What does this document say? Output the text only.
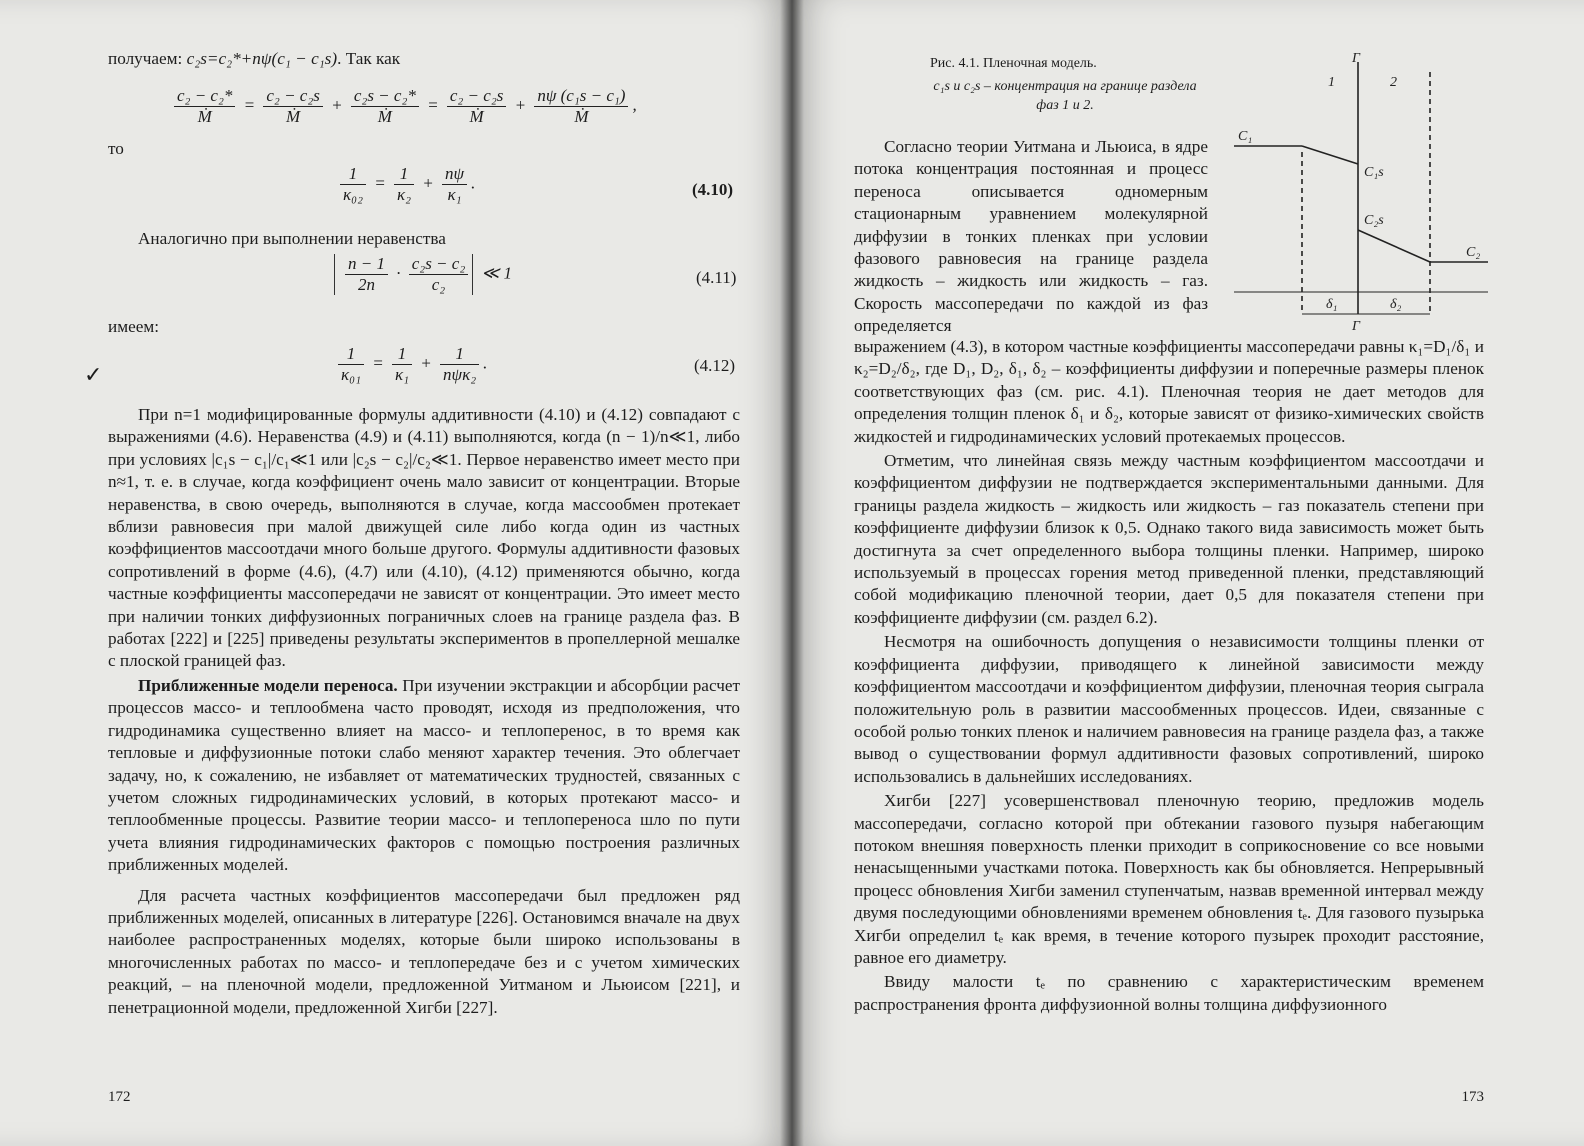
получаем: c₂s=c₂*+nψ(c₁ − c₁s). Так как

$\frac{\text{c₂ − c₂*}}{\text{Ṁ}} = \frac{\text{c₂ − c₂s}}{\text{Ṁ}} + \frac{\text{c₂s − c₂*}}{\text{Ṁ}} = \frac{\text{c₂ − c₂s}}{\text{Ṁ}} + \frac{\text{nψ (c₁s − c₁)}}{\text{Ṁ}}$ ,

то

$\frac{1}{\text{κ₀₂}} = \frac{1}{\text{κ₂}} + \frac{n\psi}{\text{κ₁}}$ .	(4.10)

Аналогично при выполнении неравенства

$\frac{n - 1}{2n} \cdot \frac{\text{c₂s − c₂}}{\text{c₂}}$ ≪ 1	(4.11)

имеем:

$\frac{1}{\text{κ₀₁}} = \frac{1}{\text{κ₁}} + \frac{1}{\text{nψκ₂}}$ .	(4.12)
✓

При n=1 модифицированные формулы аддитивности (4.10) и (4.12) совпадают с выражениями (4.6). Неравенства (4.9) и (4.11) выполняются, когда (n − 1)/n≪1, либо при условиях |c₁s − c₁|/c₁≪1 или |c₂s − c₂|/c₂≪1. Первое неравенство имеет место при n≈1, т. е. в случае, когда коэффициент очень мало зависит от концентрации. Вторые неравенства, в свою очередь, выполняются в случае, когда массообмен протекает вблизи равновесия при малой движущей силе либо когда один из частных коэффициентов массоотдачи много больше другого. Формулы аддитивности фазовых сопротивлений в форме (4.6), (4.7) или (4.10), (4.12) применяются обычно, когда частные коэффициенты массопередачи не зависят от концентрации. Это имеет место при наличии тонких диффузионных пограничных слоев на границе раздела фаз. В работах [222] и [225] приведены результаты экспериментов в пропеллерной мешалке с плоской границей фаз.

Приближенные модели переноса. При изучении экстракции и абсорбции расчет процессов массо- и теплообмена часто проводят, исходя из предположения, что гидродинамика существенно влияет на массо- и теплоперенос, в то время как тепловые и диффузионные потоки слабо меняют характер течения. Это облегчает задачу, но, к сожалению, не избавляет от математических трудностей, связанных с учетом сложных гидродинамических условий, в которых протекают массо- и теплообменные процессы. Развитие теории массо- и теплопереноса шло по пути учета влияния гидродинамических факторов с помощью построения различных приближенных моделей.

Для расчета частных коэффициентов массопередачи был предложен ряд приближенных моделей, описанных в литературе [226]. Остановимся вначале на двух наиболее распространенных моделях, которые были широко использованы в многочисленных работах по массо- и теплопередаче без и с учетом химических реакций, – на пленочной модели, предложенной Уитманом и Льюисом [221], и пенетрационной модели, предложенной Хигби [227].

172
Рис. 4.1. Пленочная модель.
c₁s и c₂s – концентрация на границе раздела фаз 1 и 2.
Г
1	2
C₁
C₁s
C₂s
C₂
δ₁	δ₂
Г

Согласно теории Уитмана и Льюиса, в ядре потока концентрация постоянная и процесс переноса описывается одномерным стационарным уравнением молекулярной диффузии в тонких пленках при условии фазового равновесия на границе раздела жидкость – жидкость или жидкость – газ. Скорость массопередачи по каждой из фаз определяется

выражением (4.3), в котором частные коэффициенты массопередачи равны κ₁=D₁/δ₁ и κ₂=D₂/δ₂, где D₁, D₂, δ₁, δ₂ – коэффициенты диффузии и поперечные размеры пленок соответствующих фаз (см. рис. 4.1). Пленочная теория не дает методов для определения толщин пленок δ₁ и δ₂, которые зависят от физико-химических свойств жидкостей и гидродинамических условий протекаемых процессов.

Отметим, что линейная связь между частным коэффициентом массоотдачи и коэффициентом диффузии не подтверждается экспериментальными данными. Для границы раздела жидкость – жидкость или жидкость – газ показатель степени при коэффициенте диффузии близок к 0,5. Однако такого вида зависимость может быть достигнута за счет определенного выбора толщины пленки. Например, широко используемый в процессах горения метод приведенной пленки, представляющий собой модификацию пленочной теории, дает 0,5 для показателя степени при коэффициенте диффузии (см. раздел 6.2).

Несмотря на ошибочность допущения о независимости толщины пленки от коэффициента диффузии, приводящего к линейной зависимости между коэффициентом массоотдачи и коэффициентом диффузии, пленочная теория сыграла положительную роль в развитии массообменных процессов. Идеи, связанные с особой ролью тонких пленок и наличием равновесия на границе раздела фаз, а также вывод о существовании формул аддитивности фазовых сопротивлений, широко использовались в дальнейших исследованиях.

Хигби [227] усовершенствовал пленочную теорию, предложив модель массопередачи, согласно которой при обтекании газового пузыря набегающим потоком внешняя поверхность пленки приходит в соприкосновение со все новыми ненасыщенными участками потока. Поверхность как бы обновляется. Непрерывный процесс обновления Хигби заменил ступенчатым, назвав временной интервал между двумя последующими обновлениями временем обновления tₑ. Для газового пузырька Хигби определил tₑ как время, в течение которого пузырек проходит расстояние, равное его диаметру.

Ввиду малости tₑ по сравнению с характеристическим временем распространения фронта диффузионной волны толщина диффузионного

173
